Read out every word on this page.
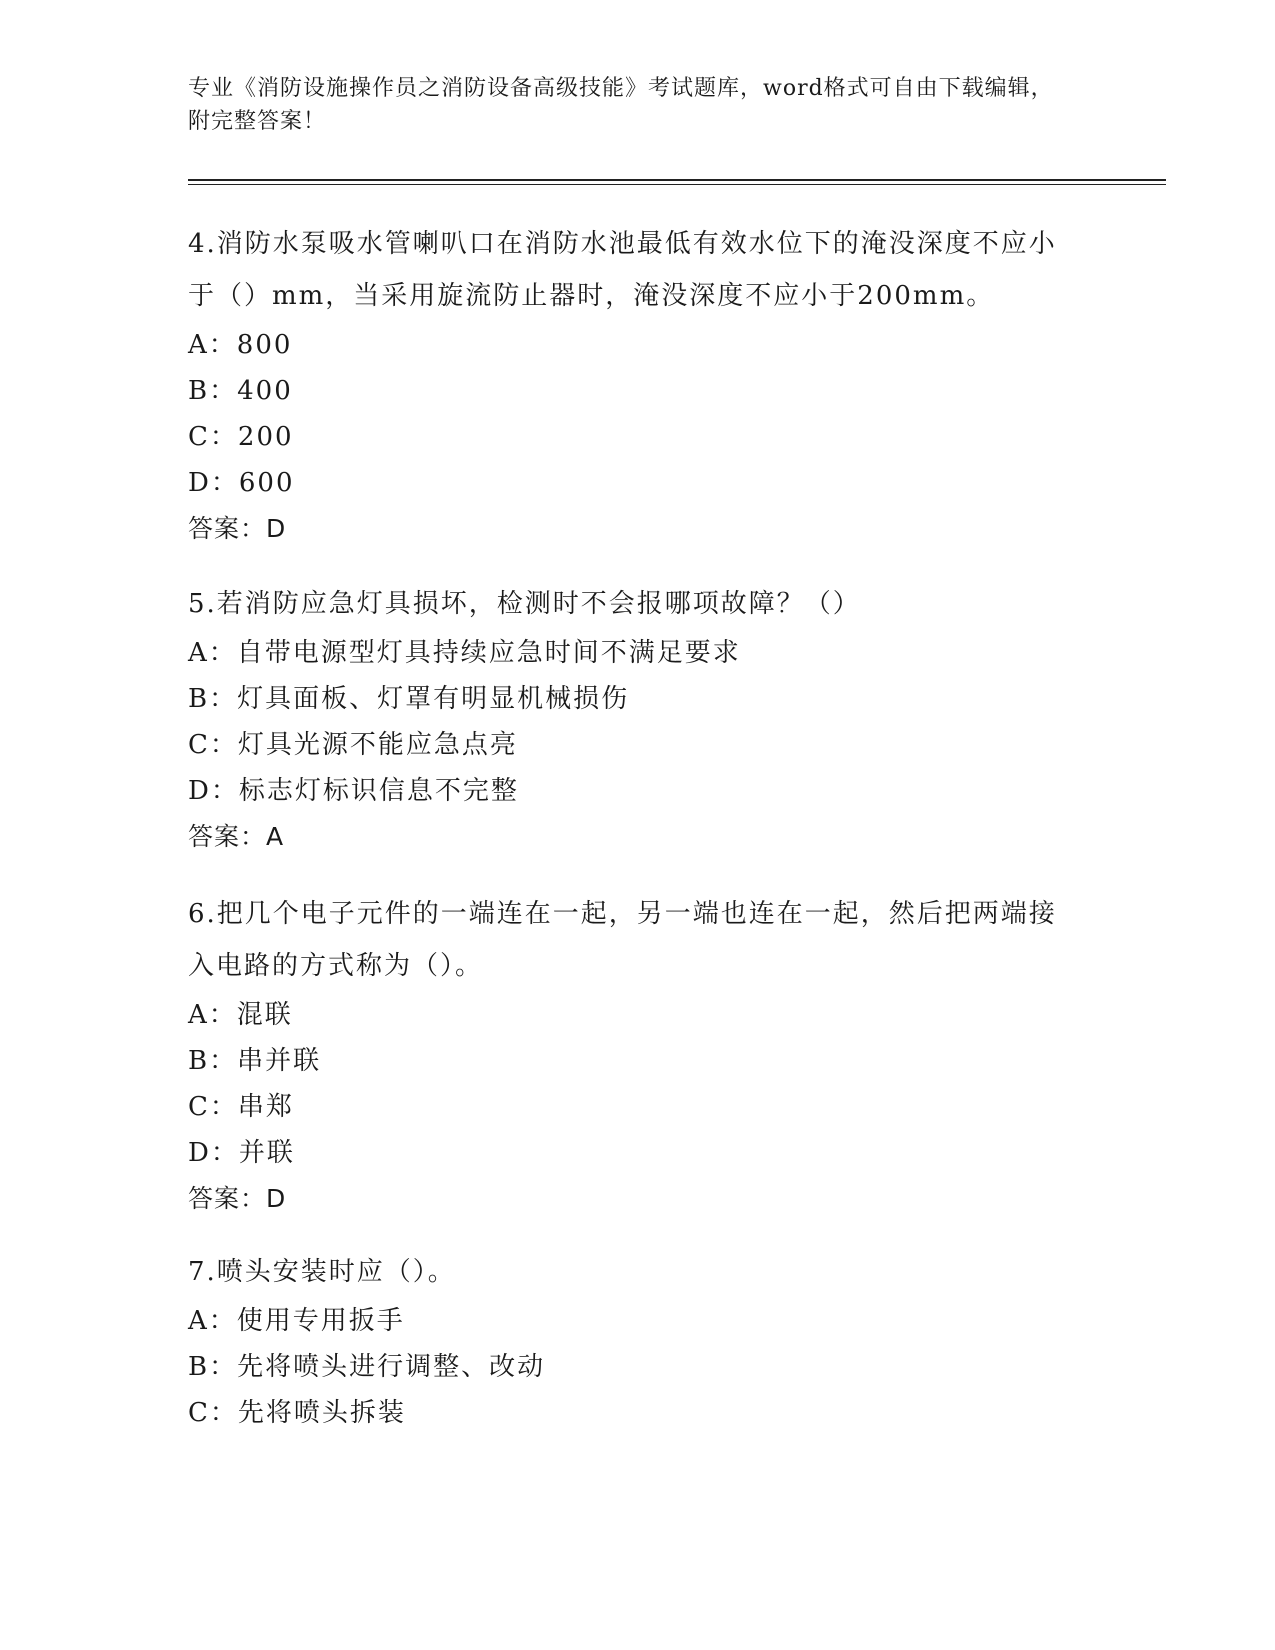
专业《消防设施操作员之消防设备高级技能》考试题库，word格式可自由下载编辑，附完整答案！

4.消防水泵吸水管喇叭口在消防水池最低有效水位下的淹没深度不应小于（）mm，当采用旋流防止器时，淹没深度不应小于200mm。

A：800
B：400
C：200
D：600
答案：D

5.若消防应急灯具损坏，检测时不会报哪项故障？（）

A：自带电源型灯具持续应急时间不满足要求
B：灯具面板、灯罩有明显机械损伤
C：灯具光源不能应急点亮
D：标志灯标识信息不完整
答案：A

6.把几个电子元件的一端连在一起，另一端也连在一起，然后把两端接入电路的方式称为（）。

A：混联
B：串并联
C：串郑
D：并联
答案：D

7.喷头安装时应（）。

A：使用专用扳手
B：先将喷头进行调整、改动
C：先将喷头拆装
